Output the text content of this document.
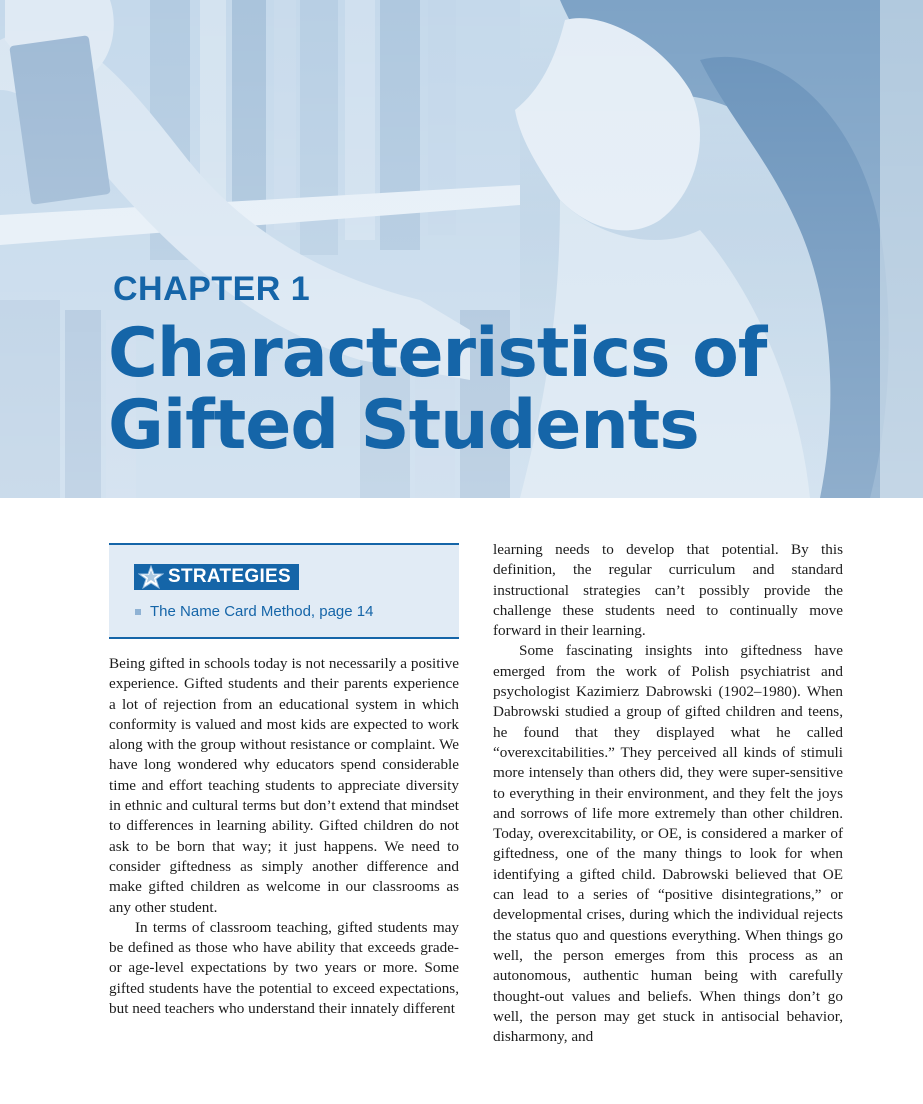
CHAPTER 1
Characteristics of Gifted Students
STRATEGIES
The Name Card Method, page 14

Being gifted in schools today is not necessarily a positive experience. Gifted students and their parents experience a lot of rejection from an educational system in which conformity is valued and most kids are expected to work along with the group without resistance or complaint. We have long wondered why educators spend considerable time and effort teaching students to appreciate diversity in ethnic and cultural terms but don’t extend that mindset to differences in learning ability. Gifted children do not ask to be born that way; it just happens. We need to consider giftedness as simply another difference and make gifted children as welcome in our classrooms as any other student.

In terms of classroom teaching, gifted students may be defined as those who have ability that exceeds grade- or age-level expectations by two years or more. Some gifted students have the potential to exceed expectations, but need teachers who understand their innately different

learning needs to develop that potential. By this definition, the regular curriculum and standard instructional strategies can’t possibly provide the challenge these students need to continually move forward in their learning.

Some fascinating insights into giftedness have emerged from the work of Polish psychiatrist and psychologist Kazimierz Dabrowski (1902–1980). When Dabrowski studied a group of gifted children and teens, he found that they displayed what he called “overexcitabilities.” They perceived all kinds of stimuli more intensely than others did, they were super-sensitive to everything in their environment, and they felt the joys and sorrows of life more extremely than other children. Today, overexcitability, or OE, is considered a marker of giftedness, one of the many things to look for when identifying a gifted child. Dabrowski believed that OE can lead to a series of “positive disintegrations,” or developmental crises, during which the individual rejects the status quo and questions everything. When things go well, the person emerges from this process as an autonomous, authentic human being with carefully thought-out values and beliefs. When things don’t go well, the person may get stuck in antisocial behavior, disharmony, and
